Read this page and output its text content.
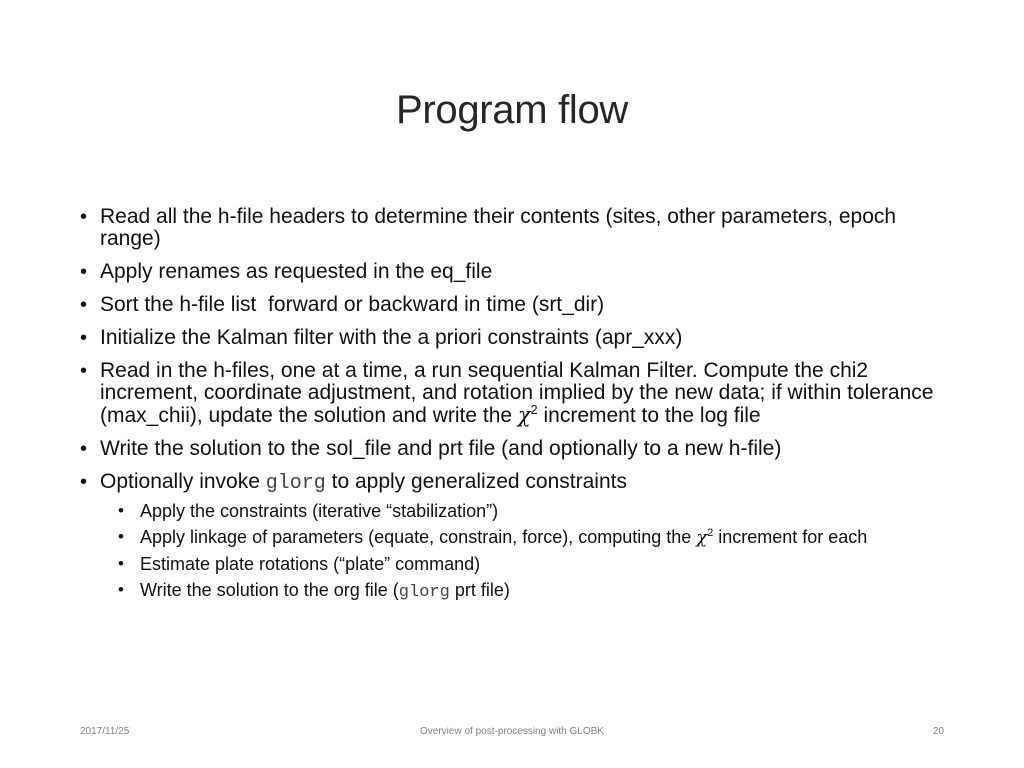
Program flow
• Read all the h-file headers to determine their contents (sites, other parameters, epoch range)
• Apply renames as requested in the eq_file
• Sort the h-file list  forward or backward in time (srt_dir)
• Initialize the Kalman filter with the a priori constraints (apr_xxx)
• Read in the h-files, one at a time, a run sequential Kalman Filter. Compute the chi2 increment, coordinate adjustment, and rotation implied by the new data; if within tolerance (max_chii), update the solution and write the $\chi^2$ increment to the log file
• Write the solution to the sol_file and prt file (and optionally to a new h-file)
• Optionally invoke glorg to apply generalized constraints
• Apply the constraints (iterative “stabilization”)
• Apply linkage of parameters (equate, constrain, force), computing the $\chi^2$ increment for each
• Estimate plate rotations (“plate” command)
• Write the solution to the org file (glorg prt file)
2017/11/25	Overview of post-processing with GLOBK	20
